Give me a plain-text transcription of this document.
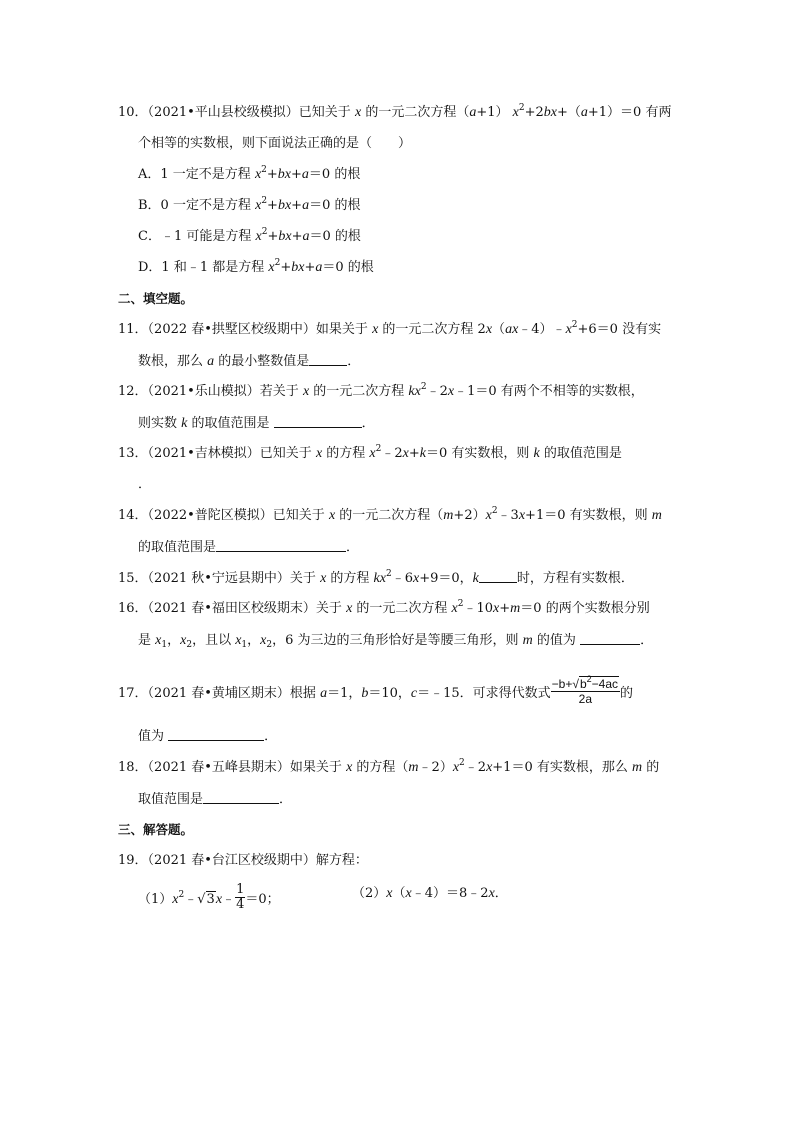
10．（2021•平山县校级模拟）已知关于 x 的一元二次方程（a+1） $x^2+2bx+(a+1)=0$ 有两
个相等的实数根，则下面说法正确的是（　　）
A．1 一定不是方程 $x^2+bx+a=0$ 的根
B．0 一定不是方程 $x^2+bx+a=0$ 的根
C．﹣1 可能是方程 $x^2+bx+a=0$ 的根
D．1 和﹣1 都是方程 $x^2+bx+a=0$ 的根
二、填空题。
11．（2022 春•拱墅区校级期中）如果关于 x 的一元二次方程 $2x(ax﹣4)﹣x^2+6=0$ 没有实
数根，那么 a 的最小整数值是	．
12．（2021•乐山模拟）若关于 x 的一元二次方程 $kx^2﹣2x﹣1=0$ 有两个不相等的实数根，
则实数 k 的取值范围是	．
13．（2021•吉林模拟）已知关于 x 的方程 $x^2﹣2x+k=0$ 有实数根，则 k 的取值范围是
．
14．（2022•普陀区模拟）已知关于 x 的一元二次方程$(m+2)x^2﹣3x+1=0$ 有实数根，则 m
的取值范围是	．
15．（2021 秋•宁远县期中）关于 x 的方程 $kx^2﹣6x+9=0$，k	时，方程有实数根．
16．（2021 春•福田区校级期末）关于 x 的一元二次方程 $x^2﹣10x+m=0$ 的两个实数根分别
是 $x_1$，$x_2$，且以 $x_1$，$x_2$，6 为三边的三角形恰好是等腰三角形，则 m 的值为	．
17．（2021 春•黄埔区期末）根据 a＝1，b＝10，c＝﹣15．可求得代数式 $\frac{-b+√b^2-4ac}{2a}$ 的
值为	．
18．（2021 春•五峰县期末）如果关于 x 的方程$(m﹣2)x^2﹣2x+1=0$ 有实数根，那么 m 的
取值范围是	．
三、解答题。
19．（2021 春•台江区校级期中）解方程：
$(1)x^2﹣√3x﹣ \frac{1}{4} =0$；	（2）x（x﹣4）＝8﹣2x．
